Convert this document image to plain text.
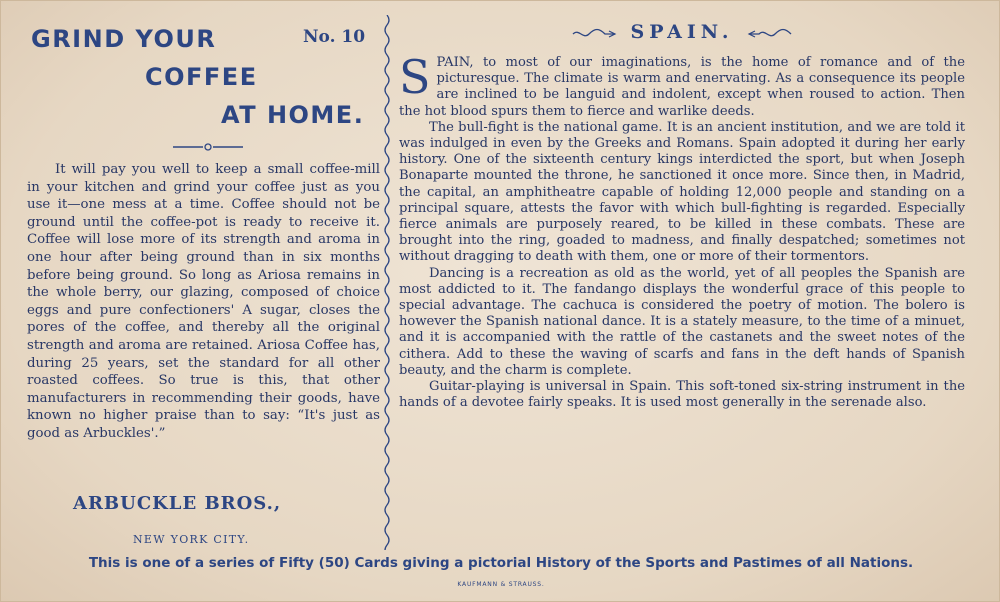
GRIND YOUR	No. 10
COFFEE
AT HOME.

It will pay you well to keep a small coffee-mill in your kitchen and grind your coffee just as you use it—one mess at a time. Coffee should not be ground until the coffee-pot is ready to receive it. Coffee will lose more of its strength and aroma in one hour after being ground than in six months before being ground. So long as Ariosa remains in the whole berry, our glazing, composed of choice eggs and pure confectioners' A sugar, closes the pores of the coffee, and thereby all the original strength and aroma are retained. Ariosa Coffee has, during 25 years, set the standard for all other roasted coffees. So true is this, that other manufacturers in recommending their goods, have known no higher praise than to say: “It's just as good as Arbuckles'.”

ARBUCKLE BROS.,
NEW YORK CITY.
SPAIN.

SPAIN, to most of our imaginations, is the home of romance and of the picturesque. The climate is warm and enervating. As a consequence its people are inclined to be languid and indolent, except when roused to action. Then the hot blood spurs them to fierce and warlike deeds.

The bull-fight is the national game. It is an ancient institution, and we are told it was indulged in even by the Greeks and Romans. Spain adopted it during her early history. One of the sixteenth century kings interdicted the sport, but when Joseph Bonaparte mounted the throne, he sanctioned it once more. Since then, in Madrid, the capital, an amphitheatre capable of holding 12,000 people and standing on a principal square, attests the favor with which bull-fighting is regarded. Especially fierce animals are purposely reared, to be killed in these combats. These are brought into the ring, goaded to madness, and finally despatched; sometimes not without dragging to death with them, one or more of their tormentors.

Dancing is a recreation as old as the world, yet of all peoples the Spanish are most addicted to it. The fandango displays the wonderful grace of this people to special advantage. The cachuca is considered the poetry of motion. The bolero is however the Spanish national dance. It is a stately measure, to the time of a minuet, and it is accompanied with the rattle of the castanets and the sweet notes of the cithera. Add to these the waving of scarfs and fans in the deft hands of Spanish beauty, and the charm is complete.

Guitar-playing is universal in Spain. This soft-toned six-string instrument in the hands of a devotee fairly speaks. It is used most generally in the serenade also.

This is one of a series of Fifty (50) Cards giving a pictorial History of the Sports and Pastimes of all Nations.
KAUFMANN & STRAUSS.
